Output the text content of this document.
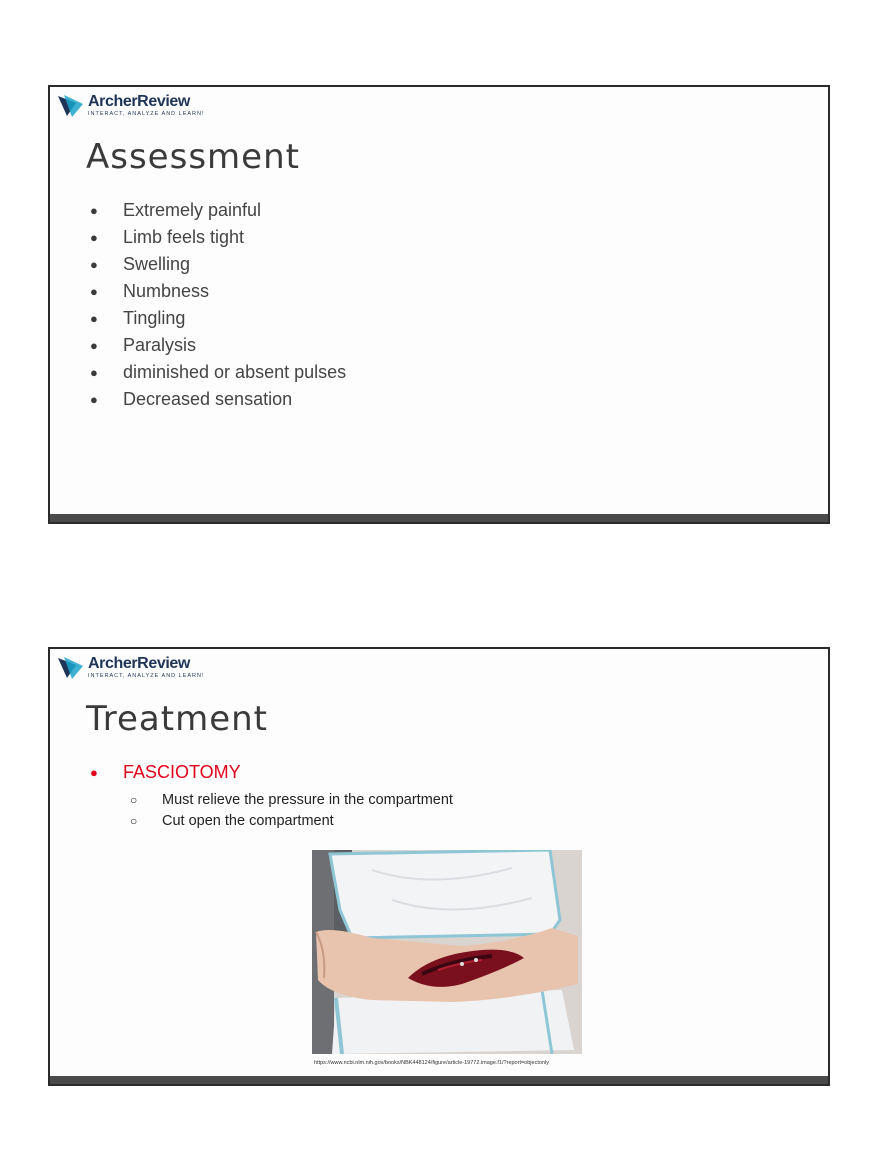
ArcherReview
INTERACT, ANALYZE AND LEARN!
Assessment
● Extremely painful
● Limb feels tight
● Swelling
● Numbness
● Tingling
● Paralysis
● diminished or absent pulses
● Decreased sensation
ArcherReview
INTERACT, ANALYZE AND LEARN!
Treatment
● FASCIOTOMY
○ Must relieve the pressure in the compartment
○ Cut open the compartment
https://www.ncbi.nlm.nih.gov/books/NBK448124/figure/article-19772.image.f1/?report=objectonly
